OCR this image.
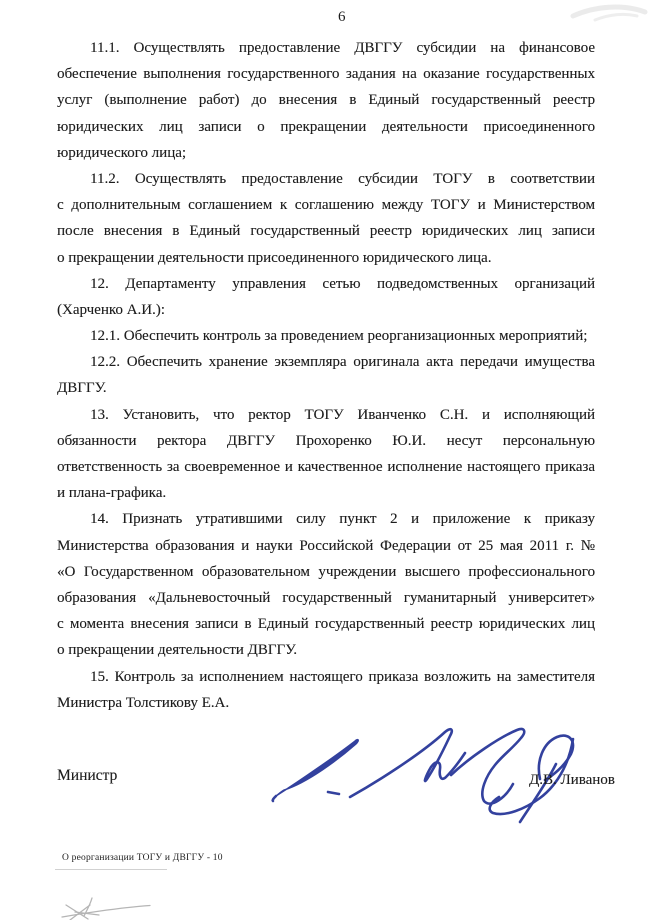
6
11.1. Осуществлять предоставление ДВГГУ субсидии на финансовое
обеспечение выполнения государственного задания на оказание государственных
услуг (выполнение работ) до внесения в Единый государственный реестр
юридических лиц записи о прекращении деятельности присоединенного
юридического лица;
11.2. Осуществлять предоставление субсидии ТОГУ в соответствии
с дополнительным соглашением к соглашению между ТОГУ и Министерством
после внесения в Единый государственный реестр юридических лиц записи
о прекращении деятельности присоединенного юридического лица.
12. Департаменту управления сетью подведомственных организаций
(Харченко А.И.):
12.1. Обеспечить контроль за проведением реорганизационных мероприятий;
12.2. Обеспечить хранение экземпляра оригинала акта передачи имущества
ДВГГУ.
13. Установить, что ректор ТОГУ Иванченко С.Н. и исполняющий
обязанности ректора ДВГГУ Прохоренко Ю.И. несут персональную
ответственность за своевременное и качественное исполнение настоящего приказа
и плана-графика.
14. Признать утратившими силу пункт 2 и приложение к приказу
Министерства образования и науки Российской Федерации от 25 мая 2011 г. №
«О Государственном образовательном учреждении высшего профессионального
образования «Дальневосточный государственный гуманитарный университет»
с момента внесения записи в Единый государственный реестр юридических лиц
о прекращении деятельности ДВГГУ.
15. Контроль за исполнением настоящего приказа возложить на заместителя
Министра Толстикову Е.А.
Министр	Д.В. Ливанов
О реорганизации ТОГУ и ДВГГУ - 10
